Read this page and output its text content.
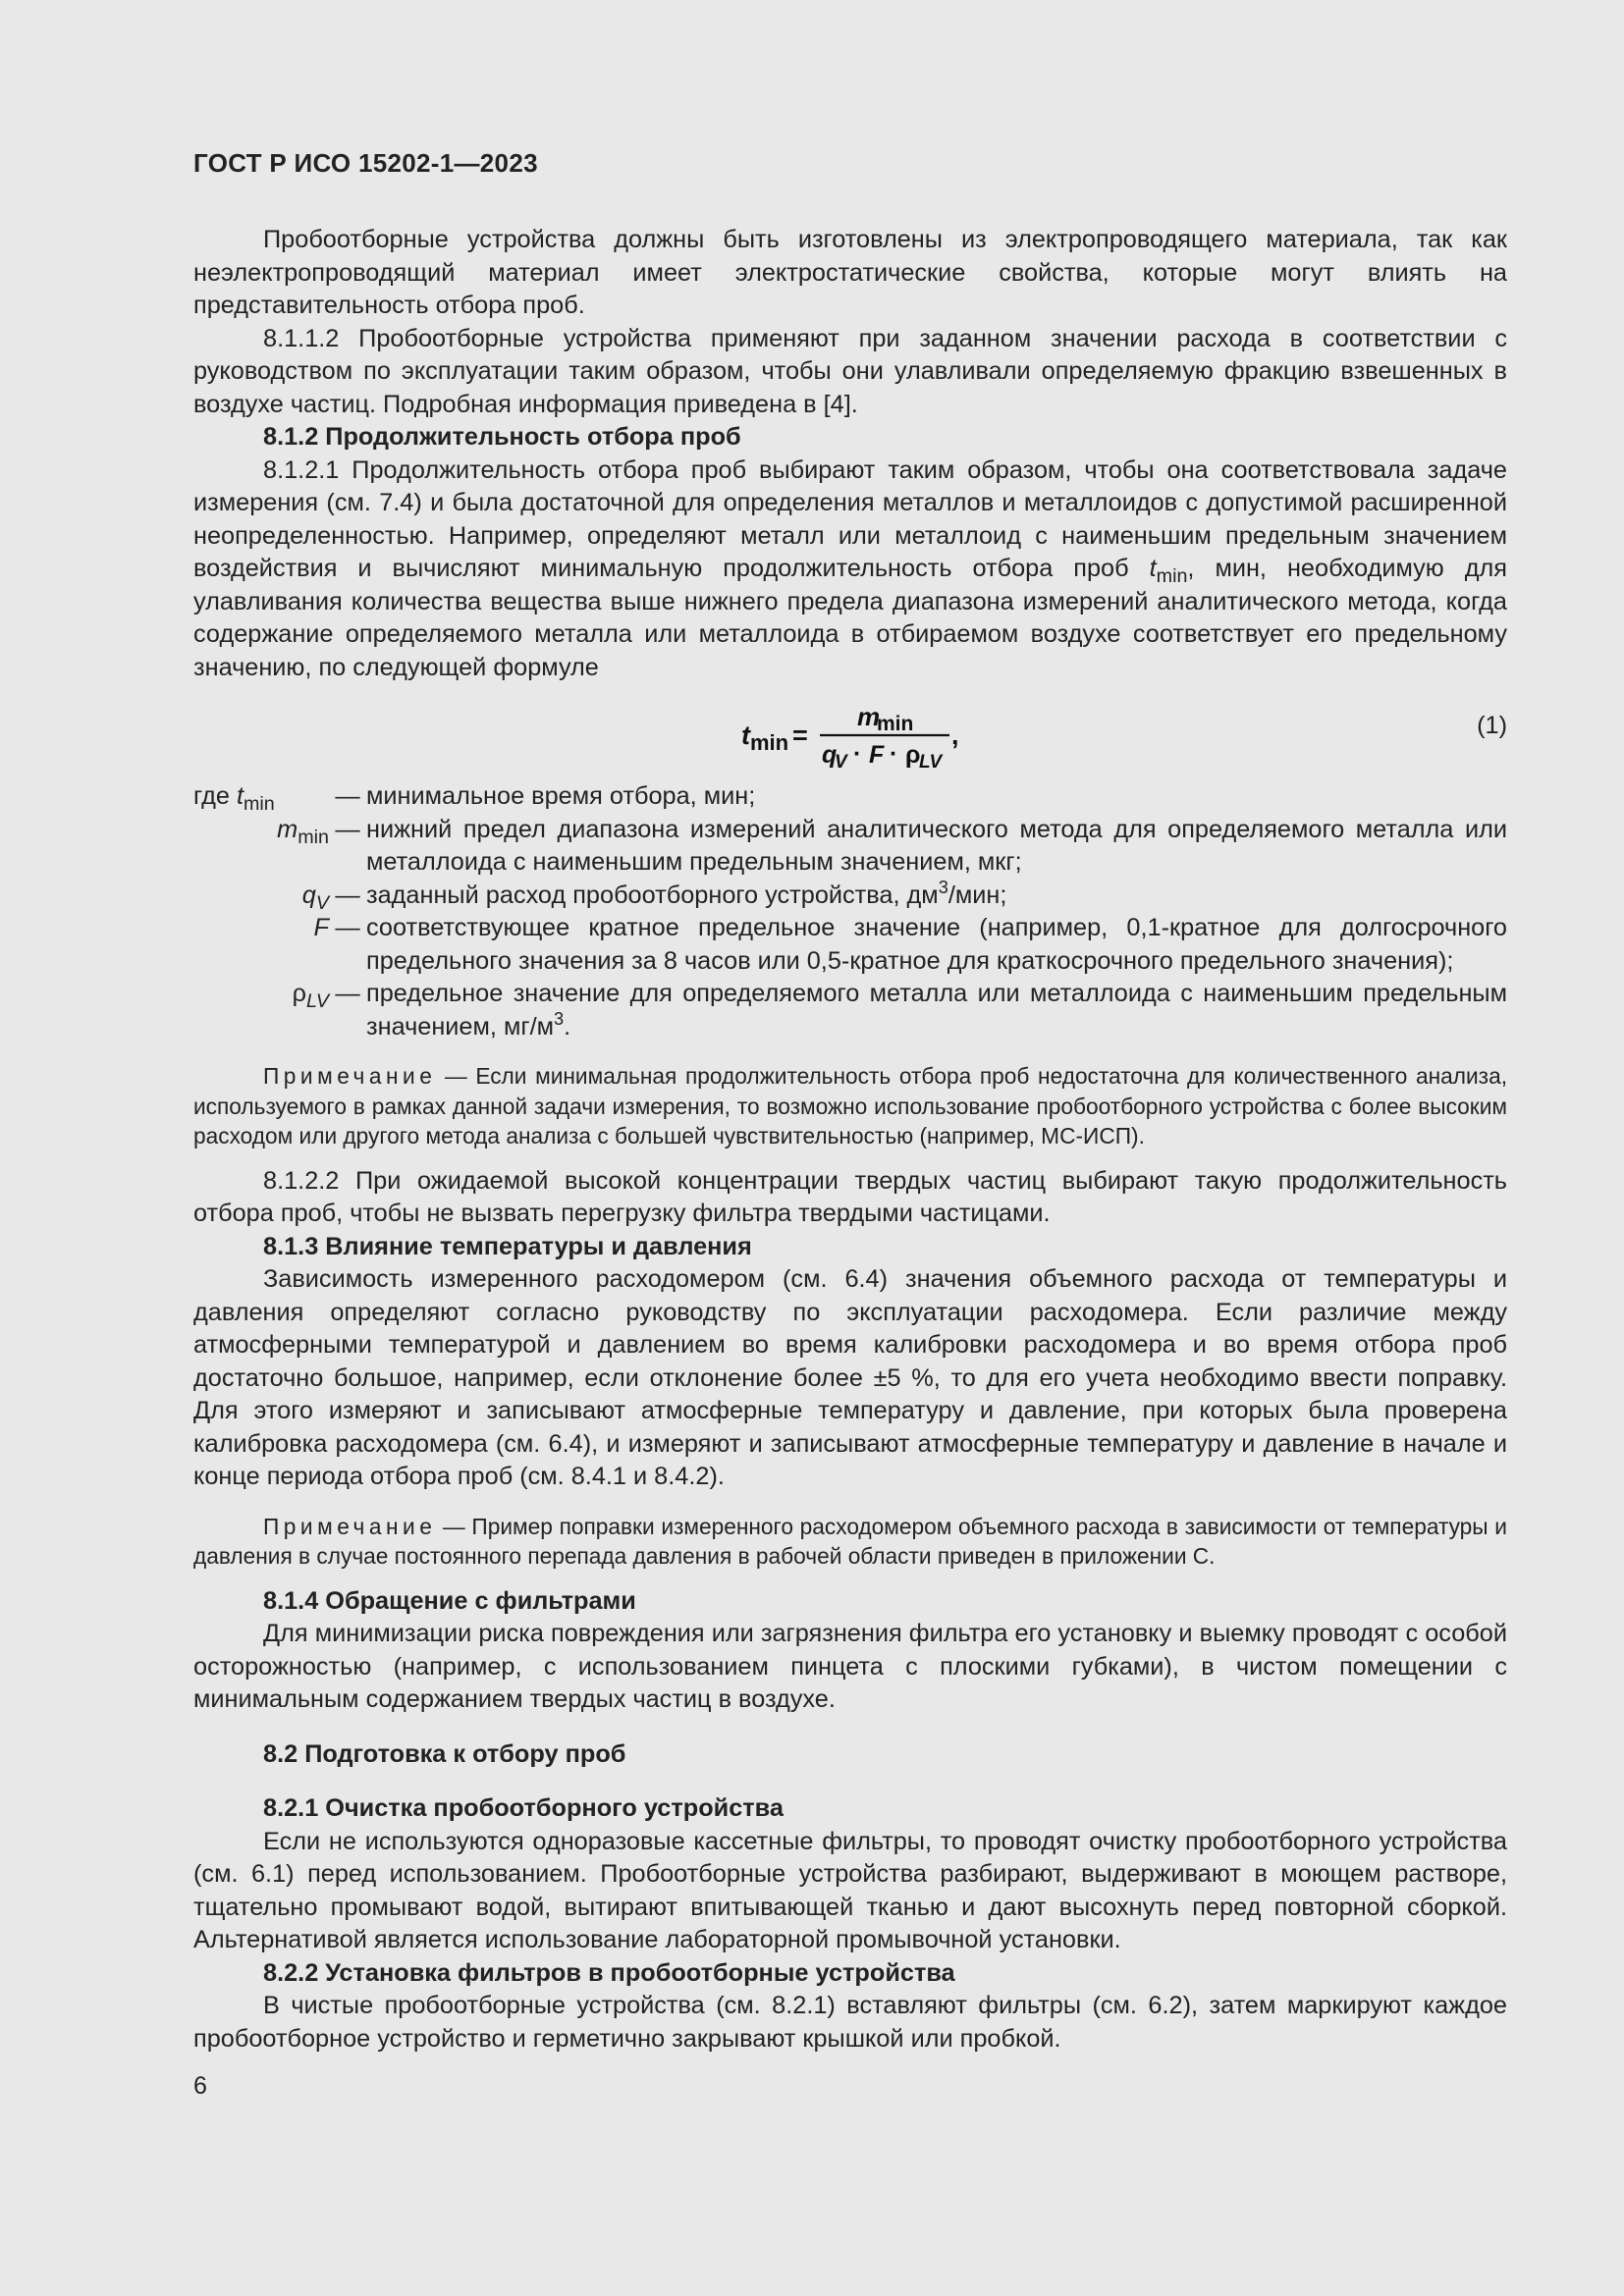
ГОСТ Р ИСО 15202-1—2023

Пробоотборные устройства должны быть изготовлены из электропроводящего материала, так как неэлектропроводящий материал имеет электростатические свойства, которые могут влиять на представительность отбора проб.

8.1.1.2 Пробоотборные устройства применяют при заданном значении расхода в соответствии с руководством по эксплуатации таким образом, чтобы они улавливали определяемую фракцию взвешенных в воздухе частиц. Подробная информация приведена в [4].

8.1.2 Продолжительность отбора проб

8.1.2.1 Продолжительность отбора проб выбирают таким образом, чтобы она соответствовала задаче измерения (см. 7.4) и была достаточной для определения металлов и металлоидов с допустимой расширенной неопределенностью. Например, определяют металл или металлоид с наименьшим предельным значением воздействия и вычисляют минимальную продолжительность отбора проб $t_{min}$, мин, необходимую для улавливания количества вещества выше нижнего предела диапазона измерений аналитического метода, когда содержание определяемого металла или металлоида в отбираемом воздухе соответствует его предельному значению, по следующей формуле

t min =
m
min
q
V · F · ρ
LV
,	(1)
где $t_{min}$	— минимальное время отбора, мин;
$m_{min}$ — нижний предел диапазона измерений аналитического метода для определяемого металла или металлоида с наименьшим предельным значением, мкг;
$q_V$ — заданный расход пробоотборного устройства, $дм^3$/мин;
F — соответствующее кратное предельное значение (например, 0,1-кратное для долгосрочного предельного значения за 8 часов или 0,5-кратное для краткосрочного предельного значения);
$\rho_{LV}$ — предельное значение для определяемого металла или металлоида с наименьшим предельным значением, $мг/м^3$.

Примечание — Если минимальная продолжительность отбора проб недостаточна для количественного анализа, используемого в рамках данной задачи измерения, то возможно использование пробоотборного устройства с более высоким расходом или другого метода анализа с большей чувствительностью (например, МС-ИСП).

8.1.2.2 При ожидаемой высокой концентрации твердых частиц выбирают такую продолжительность отбора проб, чтобы не вызвать перегрузку фильтра твердыми частицами.

8.1.3 Влияние температуры и давления

Зависимость измеренного расходомером (см. 6.4) значения объемного расхода от температуры и давления определяют согласно руководству по эксплуатации расходомера. Если различие между атмосферными температурой и давлением во время калибровки расходомера и во время отбора проб достаточно большое, например, если отклонение более ±5 %, то для его учета необходимо ввести поправку. Для этого измеряют и записывают атмосферные температуру и давление, при которых была проверена калибровка расходомера (см. 6.4), и измеряют и записывают атмосферные температуру и давление в начале и конце периода отбора проб (см. 8.4.1 и 8.4.2).

Примечание — Пример поправки измеренного расходомером объемного расхода в зависимости от температуры и давления в случае постоянного перепада давления в рабочей области приведен в приложении С.

8.1.4 Обращение с фильтрами

Для минимизации риска повреждения или загрязнения фильтра его установку и выемку проводят с особой осторожностью (например, с использованием пинцета с плоскими губками), в чистом помещении с минимальным содержанием твердых частиц в воздухе.

8.2 Подготовка к отбору проб

8.2.1 Очистка пробоотборного устройства

Если не используются одноразовые кассетные фильтры, то проводят очистку пробоотборного устройства (см. 6.1) перед использованием. Пробоотборные устройства разбирают, выдерживают в моющем растворе, тщательно промывают водой, вытирают впитывающей тканью и дают высохнуть перед повторной сборкой. Альтернативой является использование лабораторной промывочной установки.

8.2.2 Установка фильтров в пробоотборные устройства

В чистые пробоотборные устройства (см. 8.2.1) вставляют фильтры (см. 6.2), затем маркируют каждое пробоотборное устройство и герметично закрывают крышкой или пробкой.

6
